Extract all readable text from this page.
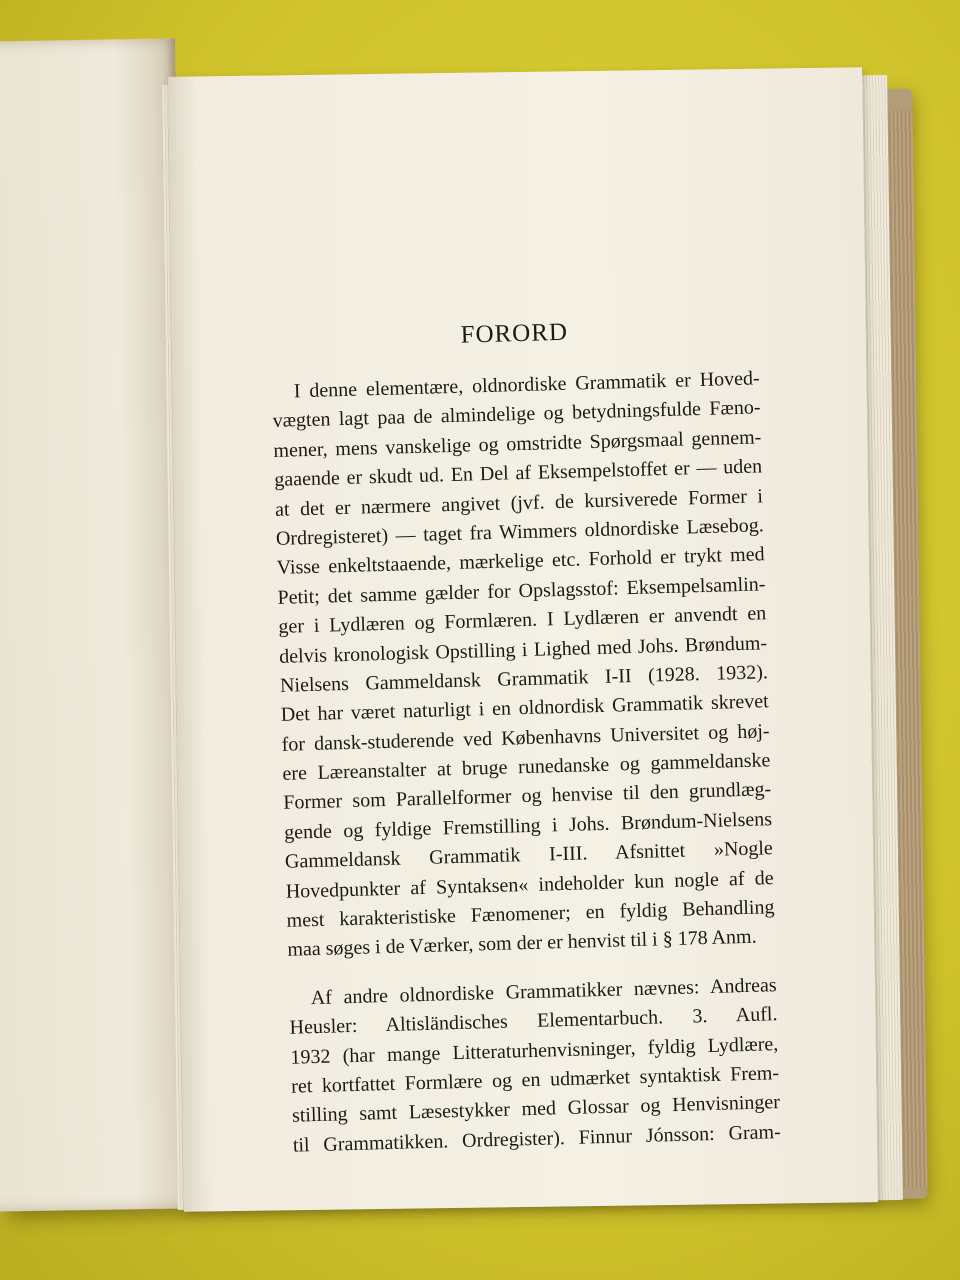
FORORD
I denne elementære, oldnordiske Grammatik er Hoved-
vægten lagt paa de almindelige og betydningsfulde Fæno-
mener, mens vanskelige og omstridte Spørgsmaal gennem-
gaaende er skudt ud. En Del af Eksempelstoffet er — uden
at det er nærmere angivet (jvf. de kursiverede Former i
Ordregisteret) — taget fra Wimmers oldnordiske Læsebog.
Visse enkeltstaaende, mærkelige etc. Forhold er trykt med
Petit; det samme gælder for Opslagsstof: Eksempelsamlin-
ger i Lydlæren og Formlæren. I Lydlæren er anvendt en
delvis kronologisk Opstilling i Lighed med Johs. Brøndum-
Nielsens Gammeldansk Grammatik I-II (1928. 1932).
Det har været naturligt i en oldnordisk Grammatik skrevet
for dansk-studerende ved Københavns Universitet og høj-
ere Læreanstalter at bruge runedanske og gammeldanske
Former som Parallelformer og henvise til den grundlæg-
gende og fyldige Fremstilling i Johs. Brøndum-Nielsens
Gammeldansk Grammatik I-III. Afsnittet »Nogle
Hovedpunkter af Syntaksen« indeholder kun nogle af de
mest karakteristiske Fænomener; en fyldig Behandling
maa søges i de Værker, som der er henvist til i § 178 Anm.
Af andre oldnordiske Grammatikker nævnes: Andreas
Heusler: Altisländisches Elementarbuch. 3. Aufl.
1932 (har mange Litteraturhenvisninger, fyldig Lydlære,
ret kortfattet Formlære og en udmærket syntaktisk Frem-
stilling samt Læsestykker med Glossar og Henvisninger
til Grammatikken. Ordregister). Finnur Jónsson: Gram-
